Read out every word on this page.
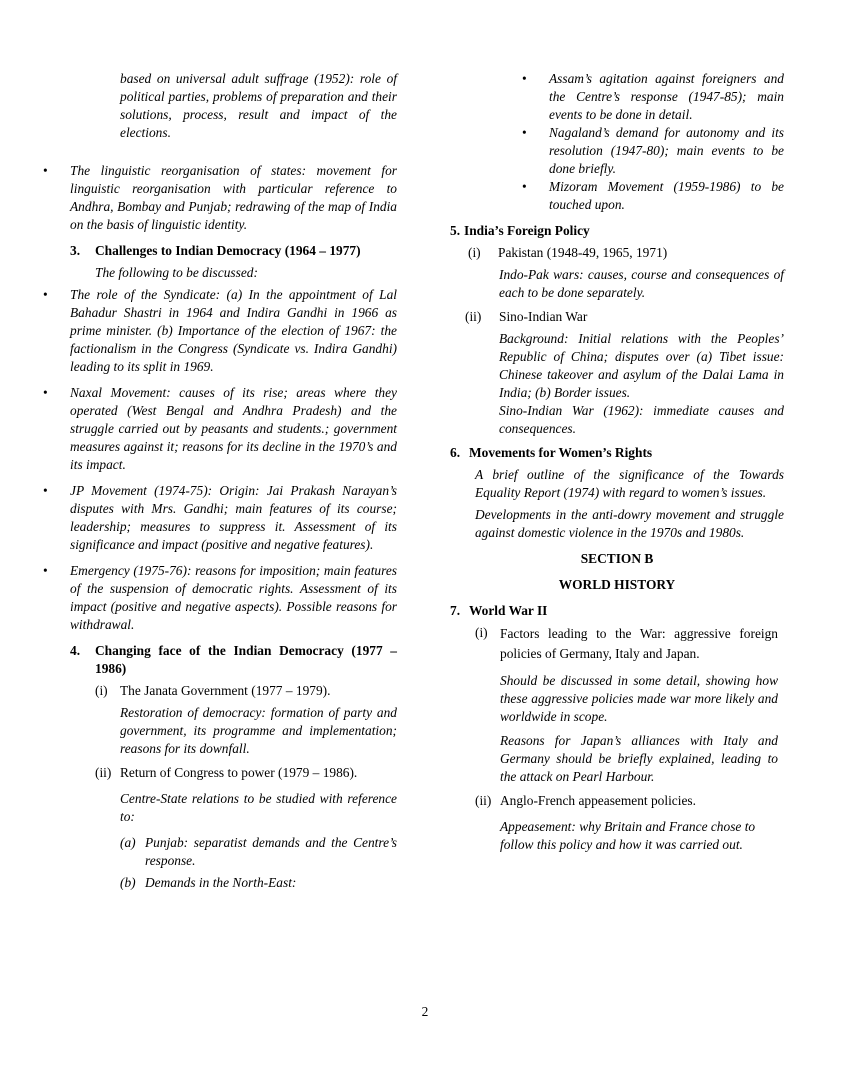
based on universal adult suffrage (1952): role of political parties, problems of preparation and their solutions, process, result and impact of the elections.

• The linguistic reorganisation of states: movement for linguistic reorganisation with particular reference to Andhra, Bombay and Punjab; redrawing of the map of India on the basis of linguistic identity.
3.	Challenges to Indian Democracy (1964 – 1977)

The following to be discussed:

• The role of the Syndicate: (a) In the appointment of Lal Bahadur Shastri in 1964 and Indira Gandhi in 1966 as prime minister. (b) Importance of the election of 1967: the factionalism in the Congress (Syndicate vs. Indira Gandhi) leading to its split in 1969.
• Naxal Movement: causes of its rise; areas where they operated (West Bengal and Andhra Pradesh) and the struggle carried out by peasants and students.; government measures against it; reasons for its decline in the 1970’s and its impact.
• JP Movement (1974-75): Origin: Jai Prakash Narayan’s disputes with Mrs. Gandhi; main features of its course; leadership; measures to suppress it. Assessment of its significance and impact (positive and negative features).
• Emergency (1975-76): reasons for imposition; main features of the suspension of democratic rights. Assessment of its impact (positive and negative aspects). Possible reasons for withdrawal.
4.	Changing face of the Indian Democracy (1977 – 1986)
(i) The Janata Government (1977 – 1979).

Restoration of democracy: formation of party and government, its programme and implementation; reasons for its downfall.

(ii) Return of Congress to power (1979 – 1986).

Centre-State relations to be studied with reference to:

(a) Punjab: separatist demands and the Centre’s response.
(b) Demands in the North-East:
• Assam’s agitation against foreigners and the Centre’s response (1947-85); main events to be done in detail.
• Nagaland’s demand for autonomy and its resolution (1947-80); main events to be done briefly.
• Mizoram Movement (1959-1986) to be touched upon.
5. India’s Foreign Policy
(i)	Pakistan (1948-49, 1965, 1971)

Indo-Pak wars: causes, course and consequences of each to be done separately.

(ii)	Sino-Indian War

Background: Initial relations with the Peoples’ Republic of China; disputes over (a) Tibet issue: Chinese takeover and asylum of the Dalai Lama in India; (b) Border issues.

Sino-Indian War (1962): immediate causes and consequences.

6. Movements for Women’s Rights

A brief outline of the significance of the Towards Equality Report (1974) with regard to women’s issues.

Developments in the anti-dowry movement and struggle against domestic violence in the 1970s and 1980s.

SECTION B

WORLD HISTORY

7. World War II
(i) Factors leading to the War: aggressive foreign policies of Germany, Italy and Japan.

Should be discussed in some detail, showing how these aggressive policies made war more likely and worldwide in scope.

Reasons for Japan’s alliances with Italy and Germany should be briefly explained, leading to the attack on Pearl Harbour.

(ii) Anglo-French appeasement policies.

Appeasement: why Britain and France chose to follow this policy and how it was carried out.

2
